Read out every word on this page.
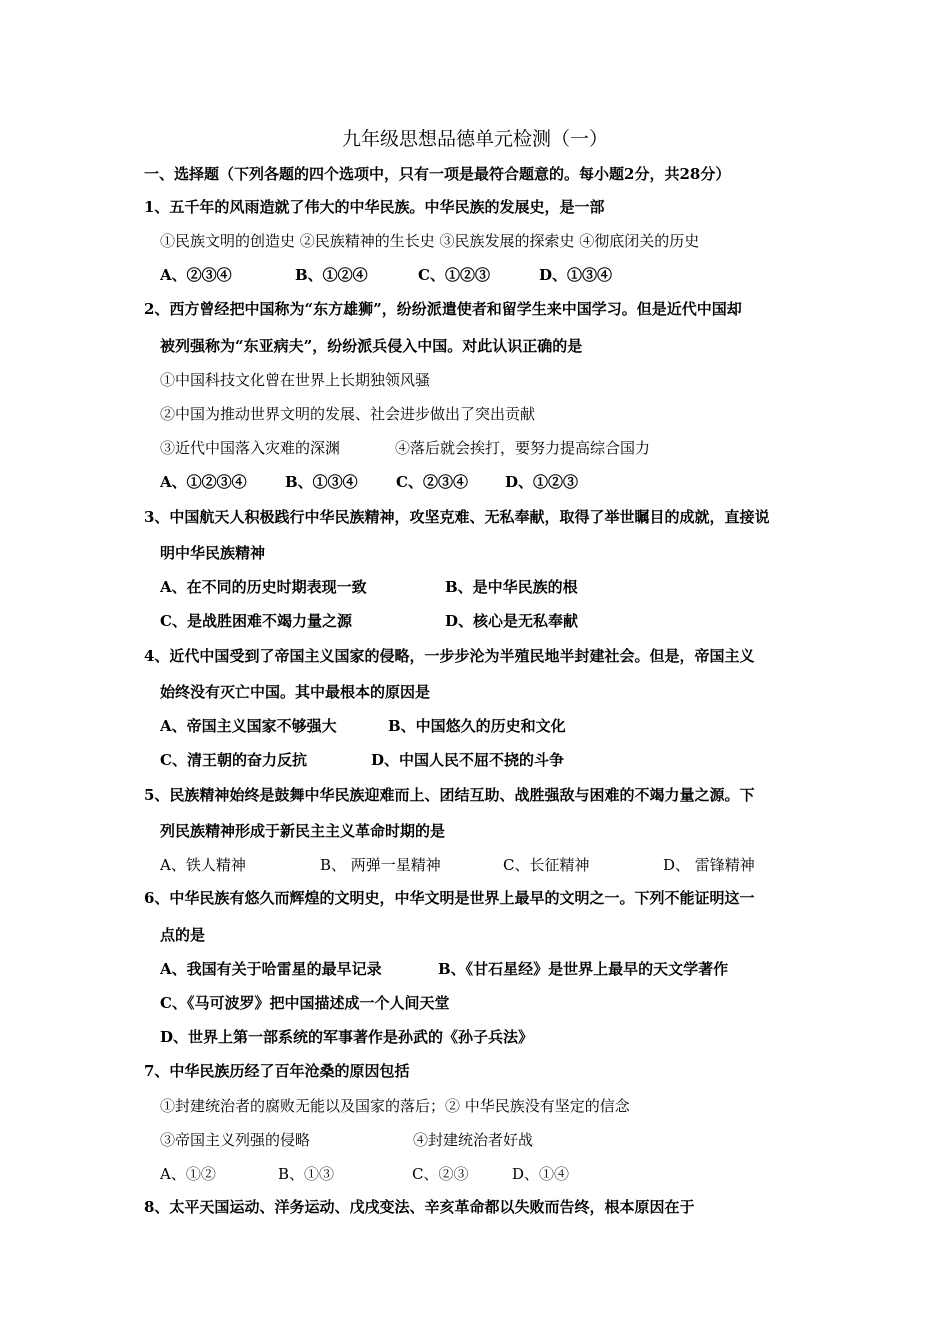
九年级思想品德单元检测（一）
一、选择题（下列各题的四个选项中，只有一项是最符合题意的。每小题2分，共28分）
1、五千年的风雨造就了伟大的中华民族。中华民族的发展史，是一部
①民族文明的创造史 ②民族精神的生长史 ③民族发展的探索史 ④彻底闭关的历史
A、②③④	B、①②④	C、①②③	D、①③④
2、西方曾经把中国称为“东方雄狮”，纷纷派遣使者和留学生来中国学习。但是近代中国却
被列强称为“东亚病夫”，纷纷派兵侵入中国。对此认识正确的是
①中国科技文化曾在世界上长期独领风骚
②中国为推动世界文明的发展、社会进步做出了突出贡献
③近代中国落入灾难的深渊	④落后就会挨打，要努力提高综合国力
A、①②③④	B、①③④	C、②③④ D、①②③
3、中国航天人积极践行中华民族精神，攻坚克难、无私奉献，取得了举世瞩目的成就，直接说
明中华民族精神
A、在不同的历史时期表现一致	B、是中华民族的根
C、是战胜困难不竭力量之源	D、核心是无私奉献
4、近代中国受到了帝国主义国家的侵略，一步步沦为半殖民地半封建社会。但是，帝国主义
始终没有灭亡中国。其中最根本的原因是
A、帝国主义国家不够强大	B、中国悠久的历史和文化
C、清王朝的奋力反抗	D、中国人民不屈不挠的斗争
5、民族精神始终是鼓舞中华民族迎难而上、团结互助、战胜强敌与困难的不竭力量之源。下
列民族精神形成于新民主主义革命时期的是
A、铁人精神	B、 两弹一星精神	C、长征精神	D、 雷锋精神
6、中华民族有悠久而辉煌的文明史，中华文明是世界上最早的文明之一。下列不能证明这一
点的是
A、我国有关于哈雷星的最早记录	B、《甘石星经》是世界上最早的天文学著作
C、《马可波罗》把中国描述成一个人间天堂
D、世界上第一部系统的军事著作是孙武的《孙子兵法》
7、中华民族历经了百年沧桑的原因包括
①封建统治者的腐败无能以及国家的落后；② 中华民族没有坚定的信念
③帝国主义列强的侵略	④封建统治者好战
A、①②	B、①③	C、②③	D、①④
8、太平天国运动、洋务运动、戊戌变法、辛亥革命都以失败而告终，根本原因在于
